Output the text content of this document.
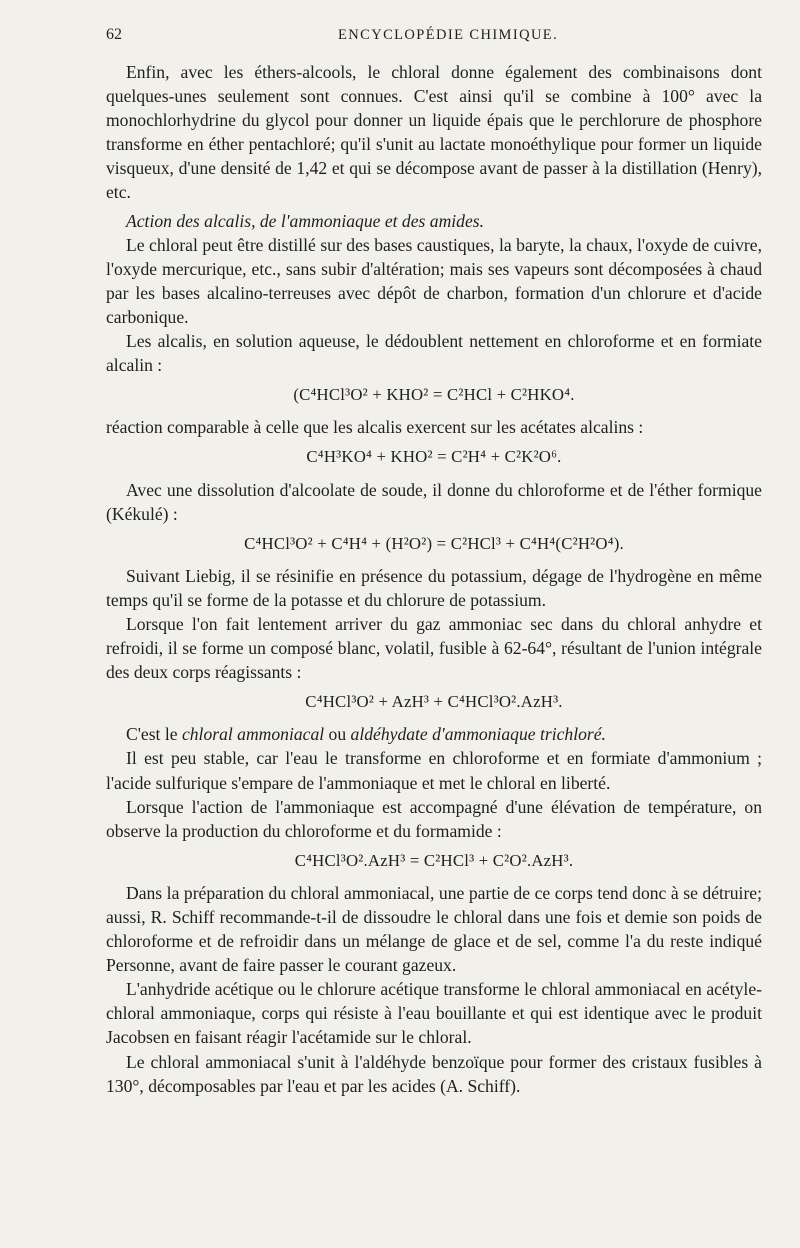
62	ENCYCLOPÉDIE CHIMIQUE.

Enfin, avec les éthers-alcools, le chloral donne également des combinaisons dont quelques-unes seulement sont connues. C'est ainsi qu'il se combine à 100° avec la monochlorhydrine du glycol pour donner un liquide épais que le perchlorure de phosphore transforme en éther pentachloré; qu'il s'unit au lactate monoéthylique pour former un liquide visqueux, d'une densité de 1,42 et qui se décompose avant de passer à la distillation (Henry), etc.

Action des alcalis, de l'ammoniaque et des amides.

Le chloral peut être distillé sur des bases caustiques, la baryte, la chaux, l'oxyde de cuivre, l'oxyde mercurique, etc., sans subir d'altération; mais ses vapeurs sont décomposées à chaud par les bases alcalino-terreuses avec dépôt de charbon, formation d'un chlorure et d'acide carbonique.

Les alcalis, en solution aqueuse, le dédoublent nettement en chloroforme et en formiate alcalin :

(C⁴HCl³O² + KHO² = C²HCl + C²HKO⁴.

réaction comparable à celle que les alcalis exercent sur les acétates alcalins :

C⁴H³KO⁴ + KHO² = C²H⁴ + C²K²O⁶.

Avec une dissolution d'alcoolate de soude, il donne du chloroforme et de l'éther formique (Kékulé) :

C⁴HCl³O² + C⁴H⁴ + (H²O²) = C²HCl³ + C⁴H⁴(C²H²O⁴).

Suivant Liebig, il se résinifie en présence du potassium, dégage de l'hydrogène en même temps qu'il se forme de la potasse et du chlorure de potassium.

Lorsque l'on fait lentement arriver du gaz ammoniac sec dans du chloral anhydre et refroidi, il se forme un composé blanc, volatil, fusible à 62-64°, résultant de l'union intégrale des deux corps réagissants :

C⁴HCl³O² + AzH³ + C⁴HCl³O².AzH³.

C'est le chloral ammoniacal ou aldéhydate d'ammoniaque trichloré.

Il est peu stable, car l'eau le transforme en chloroforme et en formiate d'ammonium ; l'acide sulfurique s'empare de l'ammoniaque et met le chloral en liberté.

Lorsque l'action de l'ammoniaque est accompagné d'une élévation de température, on observe la production du chloroforme et du formamide :

C⁴HCl³O².AzH³ = C²HCl³ + C²O².AzH³.

Dans la préparation du chloral ammoniacal, une partie de ce corps tend donc à se détruire; aussi, R. Schiff recommande-t-il de dissoudre le chloral dans une fois et demie son poids de chloroforme et de refroidir dans un mélange de glace et de sel, comme l'a du reste indiqué Personne, avant de faire passer le courant gazeux.

L'anhydride acétique ou le chlorure acétique transforme le chloral ammoniacal en acétyle-chloral ammoniaque, corps qui résiste à l'eau bouillante et qui est identique avec le produit Jacobsen en faisant réagir l'acétamide sur le chloral.

Le chloral ammoniacal s'unit à l'aldéhyde benzoïque pour former des cristaux fusibles à 130°, décomposables par l'eau et par les acides (A. Schiff).
